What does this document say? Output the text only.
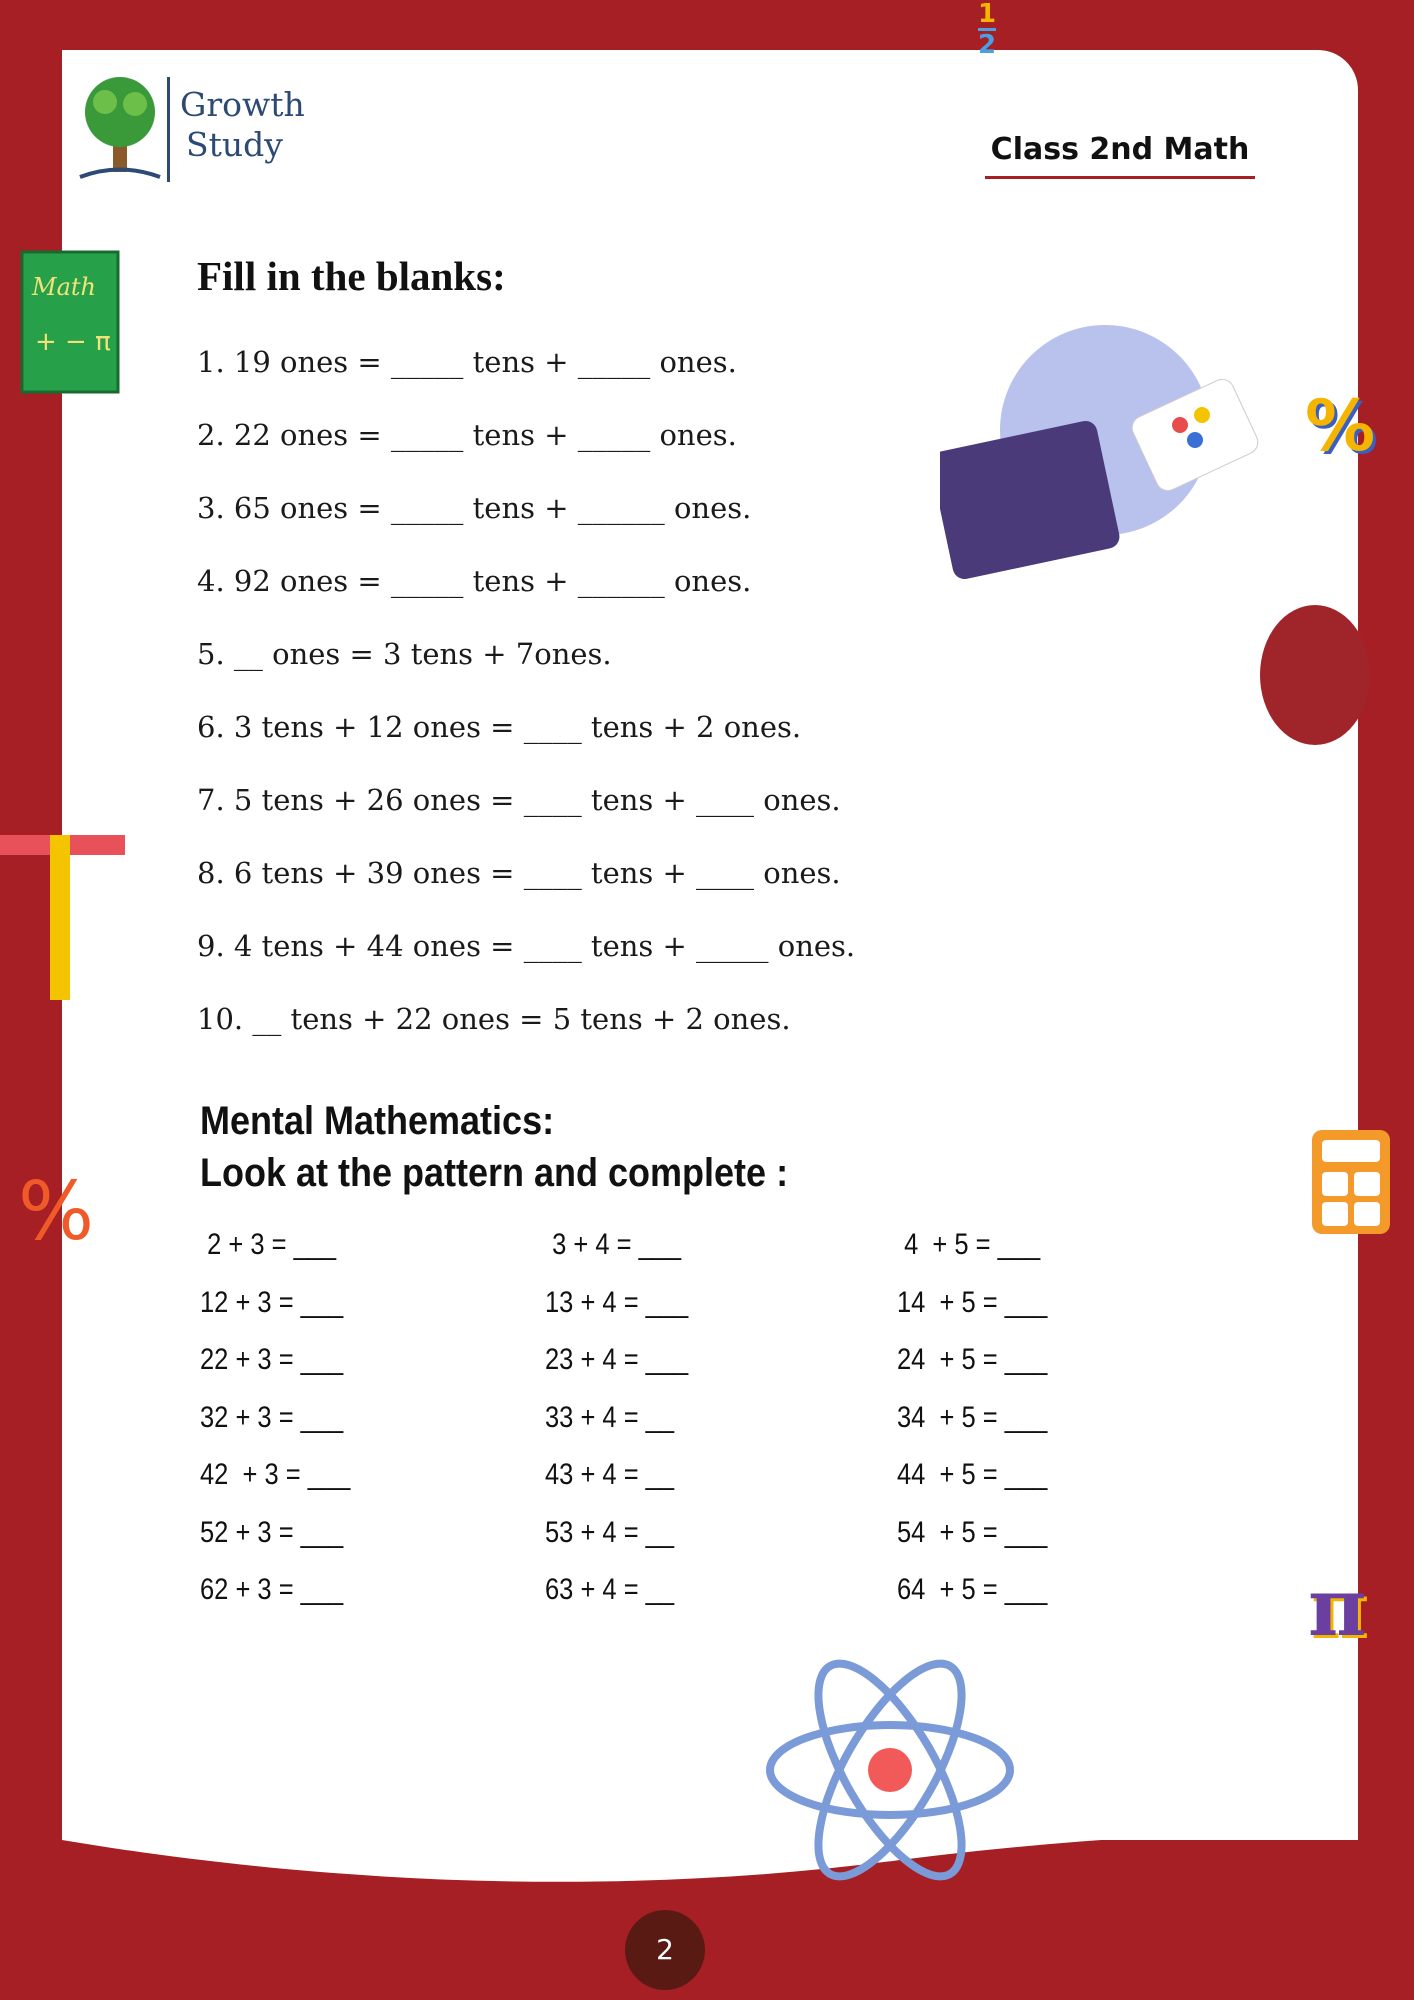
Growth
Study	Class 2nd Math
Fill in the blanks:
1. 19 ones = _____ tens + _____ ones.
2. 22 ones = _____ tens + _____ ones.
3. 65 ones = _____ tens + ______ ones.
4. 92 ones = _____ tens + ______ ones.
5. __ ones = 3 tens + 7ones.
6. 3 tens + 12 ones = ____ tens + 2 ones.
7. 5 tens + 26 ones = ____ tens + ____ ones.
8. 6 tens + 39 ones = ____ tens + ____ ones.
9. 4 tens + 44 ones = ____ tens + _____ ones.
10. __ tens + 22 ones = 5 tens + 2 ones.
Mental Mathematics:
Look at the pattern and complete :
2 + 3 = ___	3 + 4 = ___	4  + 5 = ___
12 + 3 = ___	13 + 4 = ___	14  + 5 = ___
22 + 3 = ___	23 + 4 = ___	24  + 5 = ___
32 + 3 = ___	33 + 4 = __	34  + 5 = ___
42  + 3 = ___	43 + 4 = __	44  + 5 = ___
52 + 3 = ___	53 + 4 = __	54  + 5 = ___
62 + 3 = ___	63 + 4 = __	64  + 5 = ___
Math
+ − π
%
%
π
$\frac{1}{2}$
2
